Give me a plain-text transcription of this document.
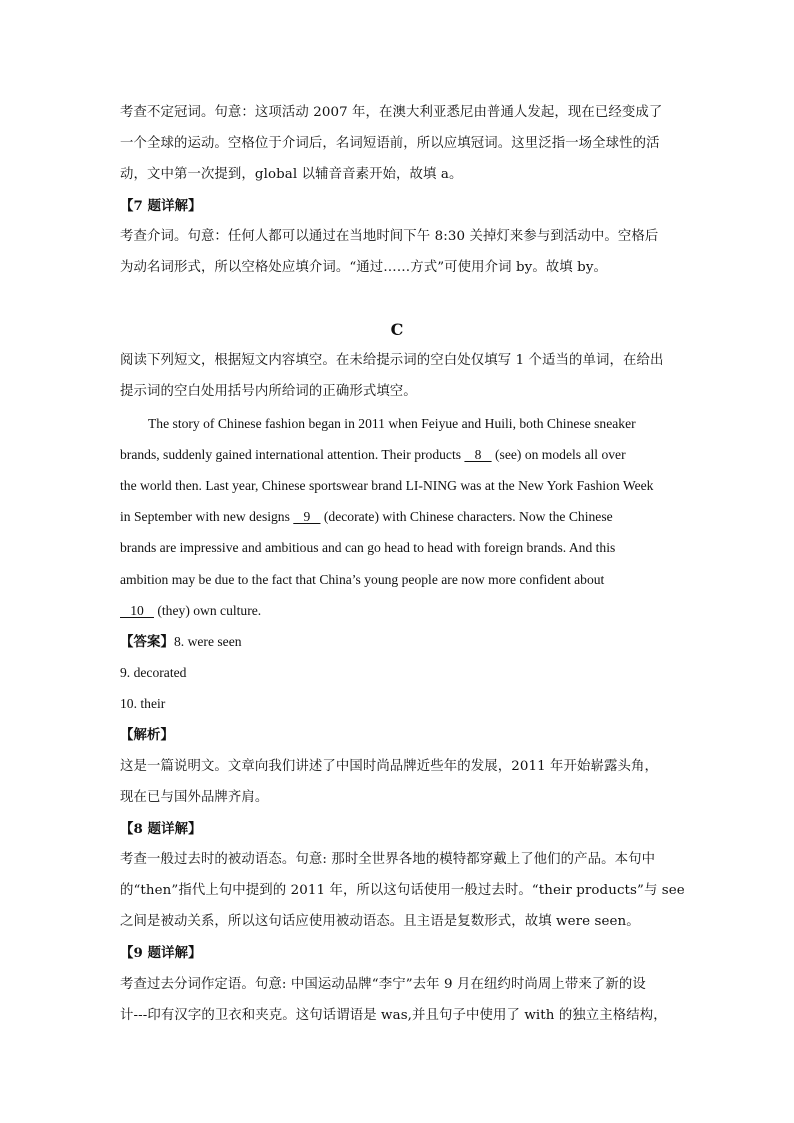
考查不定冠词。句意：这项活动 2007 年，在澳大利亚悉尼由普通人发起，现在已经变成了
一个全球的运动。空格位于介词后，名词短语前，所以应填冠词。这里泛指一场全球性的活
动，文中第一次提到，global 以辅音音素开始，故填 a。
【7 题详解】
考查介词。句意：任何人都可以通过在当地时间下午 8:30 关掉灯来参与到活动中。空格后
为动名词形式，所以空格处应填介词。“通过……方式”可使用介词 by。故填 by。
C
阅读下列短文，根据短文内容填空。在未给提示词的空白处仅填写 1 个适当的单词，在给出
提示词的空白处用括号内所给词的正确形式填空。
The story of Chinese fashion began in 2011 when Feiyue and Huili, both Chinese sneaker
brands, suddenly gained international attention. Their products    8    (see) on models all over
the world then. Last year, Chinese sportswear brand LI-NING was at the New York Fashion Week
in September with new designs    9    (decorate) with Chinese characters. Now the Chinese
brands are impressive and ambitious and can go head to head with foreign brands. And this
ambition may be due to the fact that China’s young people are now more confident about
10    (they) own culture.
【答案】8. were seen
9. decorated
10. their
【解析】
这是一篇说明文。文章向我们讲述了中国时尚品牌近些年的发展，2011 年开始崭露头角，
现在已与国外品牌齐肩。
【8 题详解】
考查一般过去时的被动语态。句意: 那时全世界各地的模特都穿戴上了他们的产品。本句中
的“then”指代上句中提到的 2011 年，所以这句话使用一般过去时。“their products”与 see
之间是被动关系，所以这句话应使用被动语态。且主语是复数形式，故填 were seen。
【9 题详解】
考查过去分词作定语。句意: 中国运动品牌“李宁”去年 9 月在纽约时尚周上带来了新的设
计---印有汉字的卫衣和夹克。这句话谓语是 was,并且句子中使用了 with 的独立主格结构，
